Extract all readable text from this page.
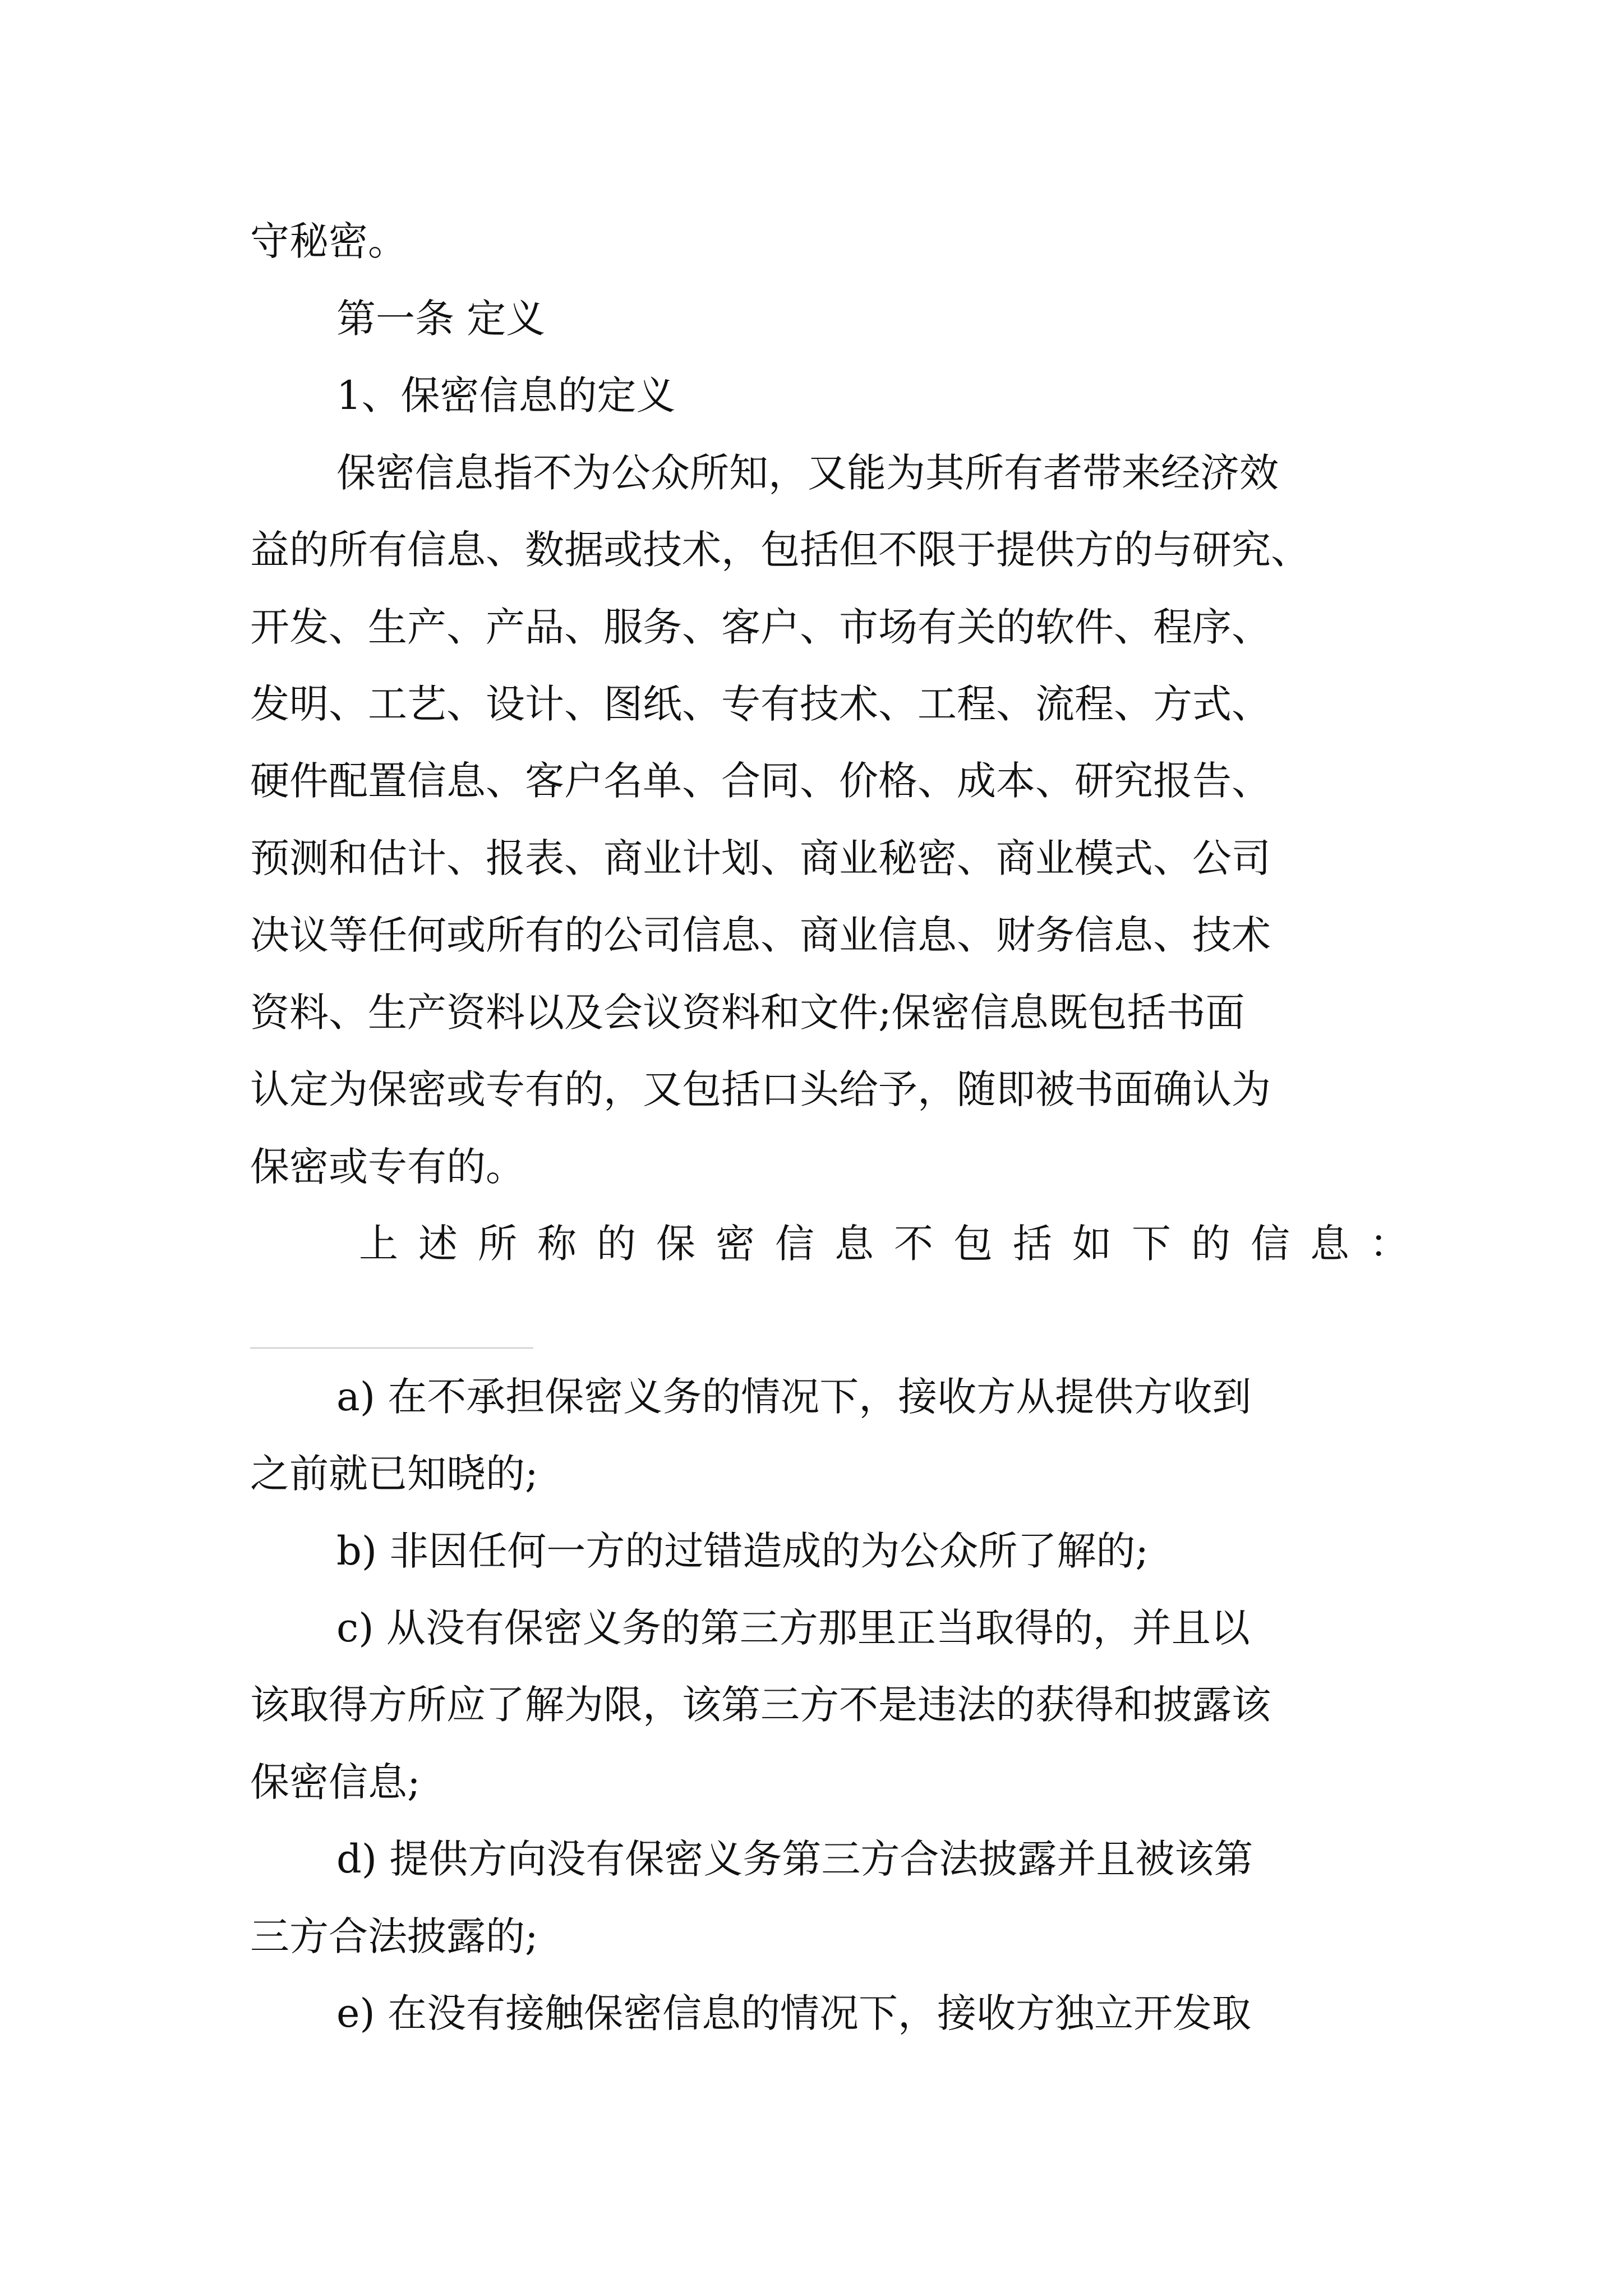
守秘密。
第一条 定义
1、保密信息的定义
保密信息指不为公众所知，又能为其所有者带来经济效
益的所有信息、数据或技术，包括但不限于提供方的与研究、
开发、生产、产品、服务、客户、市场有关的软件、程序、
发明、工艺、设计、图纸、专有技术、工程、流程、方式、
硬件配置信息、客户名单、合同、价格、成本、研究报告、
预测和估计、报表、商业计划、商业秘密、商业模式、公司
决议等任何或所有的公司信息、商业信息、财务信息、技术
资料、生产资料以及会议资料和文件;保密信息既包括书面
认定为保密或专有的，又包括口头给予，随即被书面确认为
保密或专有的。
上述所称的保密信息不包括如下的信息：
a) 在不承担保密义务的情况下，接收方从提供方收到
之前就已知晓的;
b) 非因任何一方的过错造成的为公众所了解的;
c) 从没有保密义务的第三方那里正当取得的，并且以
该取得方所应了解为限，该第三方不是违法的获得和披露该
保密信息;
d) 提供方向没有保密义务第三方合法披露并且被该第
三方合法披露的;
e) 在没有接触保密信息的情况下，接收方独立开发取
